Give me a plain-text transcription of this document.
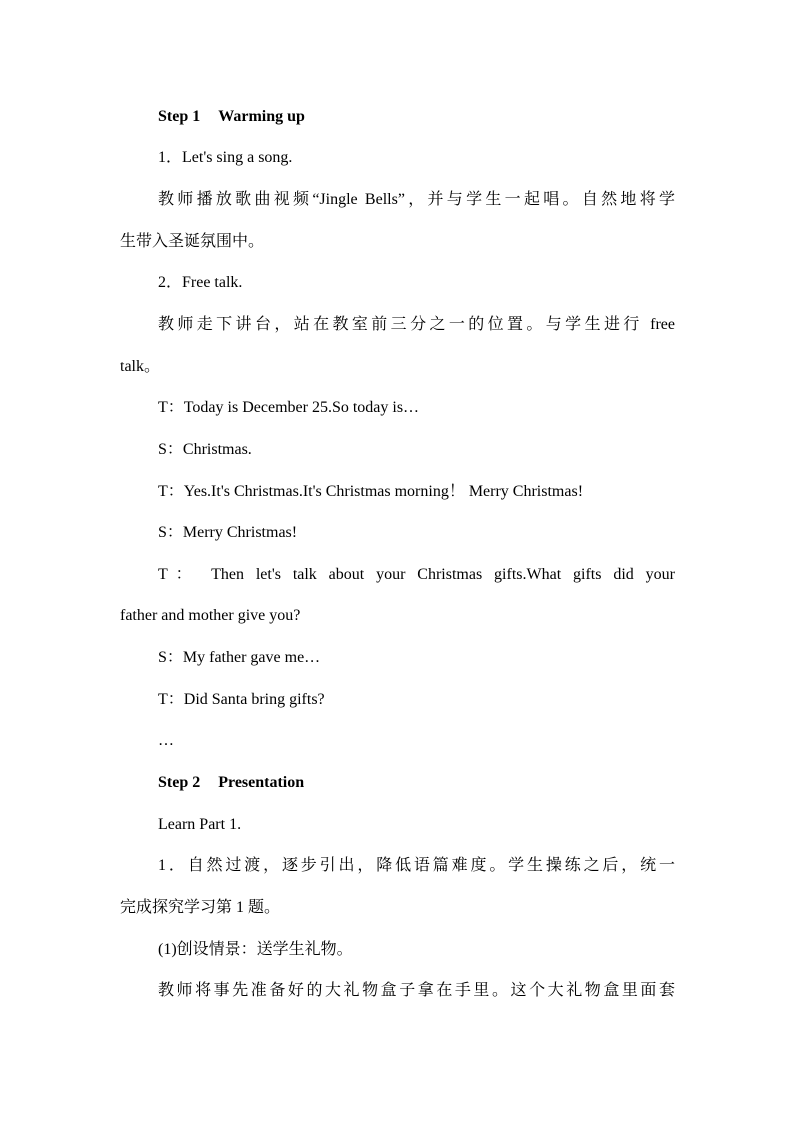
Step 1 Warming up
1．Let's sing a song.
教师播放歌曲视频“Jingle Bells”，并与学生一起唱。自然地将学
生带入圣诞氛围中。
2．Free talk.
教师走下讲台，站在教室前三分之一的位置。与学生进行 free
talk。
T：Today is December 25.So today is…
S：Christmas.
T：Yes.It's Christmas.It's Christmas morning！ Merry Christmas!
S：Merry Christmas!
T： Then let's talk about your Christmas gifts.What gifts did your
father and mother give you?
S：My father gave me…
T：Did Santa bring gifts?
…
Step 2 Presentation
Learn Part 1.
1．自然过渡，逐步引出，降低语篇难度。学生操练之后，统一
完成探究学习第 1 题。
(1)创设情景：送学生礼物。
教师将事先准备好的大礼物盒子拿在手里。这个大礼物盒里面套
